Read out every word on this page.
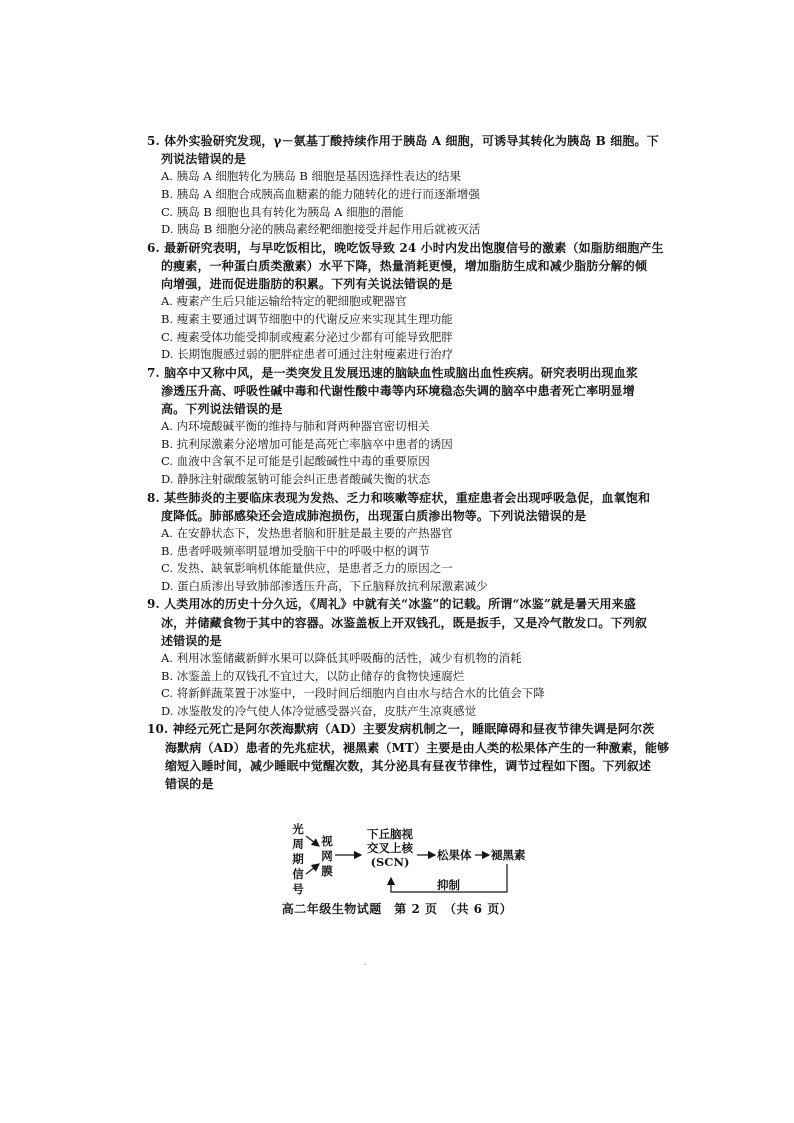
5. 体外实验研究发现，γ－氨基丁酸持续作用于胰岛 A 细胞，可诱导其转化为胰岛 B 细胞。下
列说法错误的是
A. 胰岛 A 细胞转化为胰岛 B 细胞是基因选择性表达的结果
B. 胰岛 A 细胞合成胰高血糖素的能力随转化的进行而逐渐增强
C. 胰岛 B 细胞也具有转化为胰岛 A 细胞的潜能
D. 胰岛 B 细胞分泌的胰岛素经靶细胞接受并起作用后就被灭活
6. 最新研究表明，与早吃饭相比，晚吃饭导致 24 小时内发出饱腹信号的激素（如脂肪细胞产生
的瘦素，一种蛋白质类激素）水平下降，热量消耗更慢，增加脂肪生成和减少脂肪分解的倾
向增强，进而促进脂肪的积累。下列有关说法错误的是
A. 瘦素产生后只能运输给特定的靶细胞或靶器官
B. 瘦素主要通过调节细胞中的代谢反应来实现其生理功能
C. 瘦素受体功能受抑制或瘦素分泌过少都有可能导致肥胖
D. 长期饱腹感过弱的肥胖症患者可通过注射瘦素进行治疗
7. 脑卒中又称中风，是一类突发且发展迅速的脑缺血性或脑出血性疾病。研究表明出现血浆
渗透压升高、呼吸性碱中毒和代谢性酸中毒等内环境稳态失调的脑卒中患者死亡率明显增
高。下列说法错误的是
A. 内环境酸碱平衡的维持与肺和肾两种器官密切相关
B. 抗利尿激素分泌增加可能是高死亡率脑卒中患者的诱因
C. 血液中含氧不足可能是引起酸碱性中毒的重要原因
D. 静脉注射碳酸氢钠可能会纠正患者酸碱失衡的状态
8. 某些肺炎的主要临床表现为发热、乏力和咳嗽等症状，重症患者会出现呼吸急促，血氧饱和
度降低。肺部感染还会造成肺泡损伤，出现蛋白质渗出物等。下列说法错误的是
A. 在安静状态下，发热患者脑和肝脏是最主要的产热器官
B. 患者呼吸频率明显增加受脑干中的呼吸中枢的调节
C. 发热、缺氧影响机体能量供应，是患者乏力的原因之一
D. 蛋白质渗出导致肺部渗透压升高，下丘脑释放抗利尿激素减少
9. 人类用冰的历史十分久远，《周礼》中就有关“冰鉴”的记载。所谓“冰鉴”就是暑天用来盛
冰，并储藏食物于其中的容器。冰鉴盖板上开双钱孔，既是扳手，又是冷气散发口。下列叙
述错误的是
A. 利用冰鉴储藏新鲜水果可以降低其呼吸酶的活性，减少有机物的消耗
B. 冰鉴盖上的双钱孔不宜过大，以防止储存的食物快速腐烂
C. 将新鲜蔬菜置于冰鉴中，一段时间后细胞内自由水与结合水的比值会下降
D. 冰鉴散发的冷气使人体冷觉感受器兴奋，皮肤产生凉爽感觉
10. 神经元死亡是阿尔茨海默病（AD）主要发病机制之一，睡眠障碍和昼夜节律失调是阿尔茨
海默病（AD）患者的先兆症状，褪黑素（MT）主要是由人类的松果体产生的一种激素，能够
缩短入睡时间，减少睡眠中觉醒次数，其分泌具有昼夜节律性，调节过程如下图。下列叙述
错误的是
光
周
期
信
号
视
网
膜
下丘脑视
交叉上核
(SCN)	松果体 褪黑素
抑制
高二年级生物试题　第 2 页　（共 6 页）
